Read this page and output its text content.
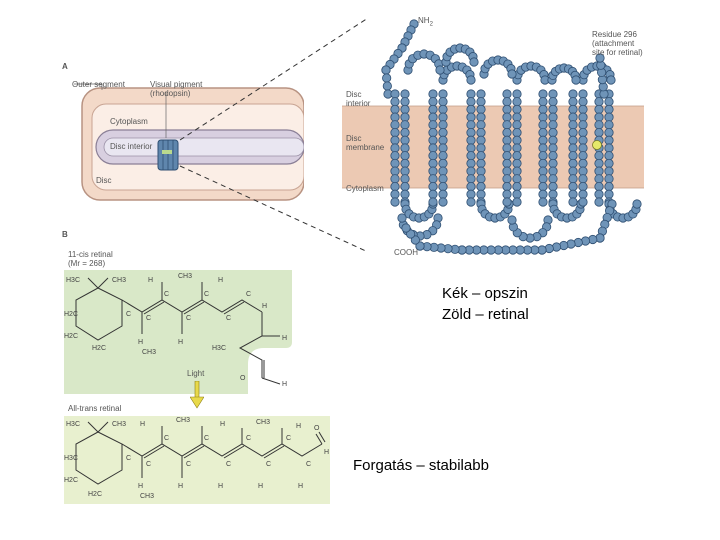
A
Outer segment	Visual pigment
(rhodopsin)
Cytoplasm
Disc interior
Disc
$NH_2$
COOH
Residue 296
(attachment
site for retinal)
Disc
interior
Disc
membrane
Cytoplasm
B
11-cis retinal
(Mr = 268)
H3C	CH3	H
CH3
H
H2C	C
C
C
C
C
C
C
H
H2C
H2C
H	H
CH3
H3C
H
O
H
Light
All-trans retinal
H3C	CH3 H
CH3
H	CH3
H O
H3C	C
C
C
C
C
C
C
C
C
C
H
H2C
H2C
H
CH3
H	H	H	H
Kék – opszin
Zöld – retinal
Forgatás – stabilabb
